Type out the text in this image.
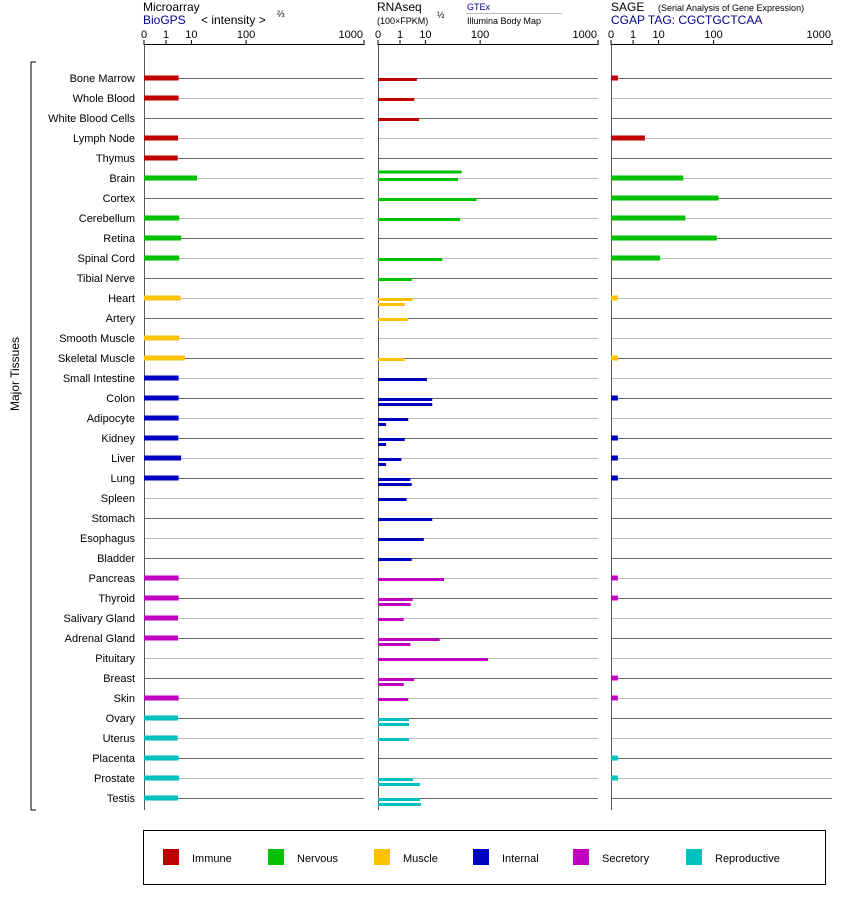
Microarray
BioGPS < intensity > ⅔	RNAseq
(100×FPKM)
½
GTEx
Illumina Body Map
SAGE (Serial Analysis of Gene Expression)
CGAP TAG: CGCTGCTCAA
Major Tissues
0 1 10	100	1000 0 1 10	100	1000 0 1 10	100	1000
Bone Marrow
Whole Blood
White Blood Cells
Lymph Node
Thymus
Brain
Cortex
Cerebellum
Retina
Spinal Cord
Tibial Nerve
Heart
Artery
Smooth Muscle
Skeletal Muscle
Small Intestine
Colon
Adipocyte
Kidney
Liver
Lung
Spleen
Stomach
Esophagus
Bladder
Pancreas
Thyroid
Salivary Gland
Adrenal Gland
Pituitary
Breast
Skin
Ovary
Uterus
Placenta
Prostate
Testis
Immune	Nervous	Muscle	Internal	Secretory	Reproductive
